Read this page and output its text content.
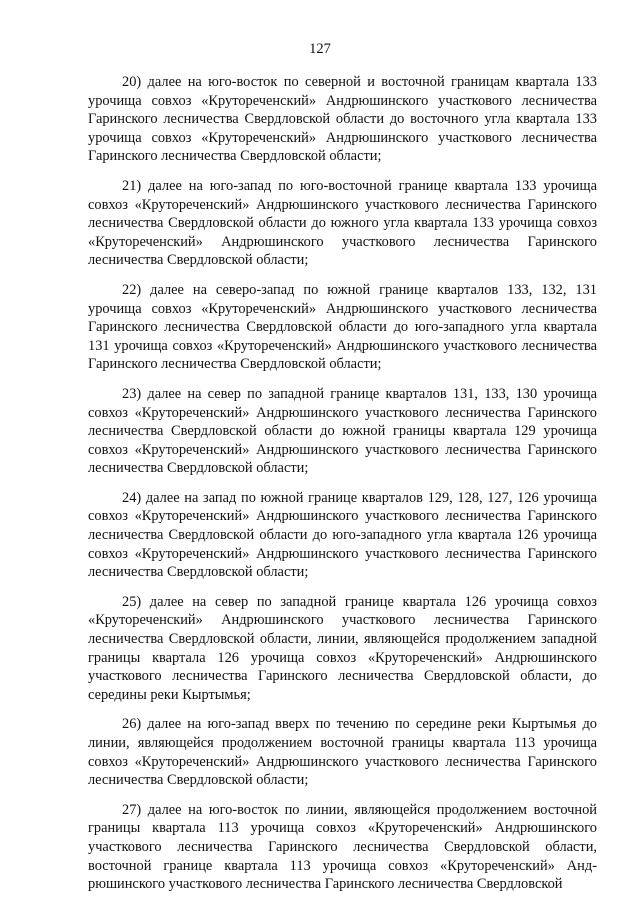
127

20) далее на юго-восток по северной и восточной границам квартала 133 урочища совхоз «Крутореченский» Андрюшинского участкового лесничества Гаринского лесничества Свердловской области до восточного угла квартала 133 урочища совхоз «Крутореченский» Андрюшинского участкового лесничества Гаринского лесничества Свердловской области;

21) далее на юго-запад по юго-восточной границе квартала 133 урочища совхоз «Крутореченский» Андрюшинского участкового лесничества Гаринского лесничества Свердловской области до южного угла квартала 133 урочища совхоз «Крутореченский» Андрюшинского участкового лесничества Гаринского лесничества Свердловской области;

22) далее на северо-запад по южной границе кварталов 133, 132, 131 урочища совхоз «Крутореченский» Андрюшинского участкового лесничества Гаринского лесничества Свердловской области до юго-западного угла квартала 131 урочища совхоз «Крутореченский» Андрюшинского участкового лесничества Гаринского лесничества Свердловской области;

23) далее на север по западной границе кварталов 131, 133, 130 урочища совхоз «Крутореченский» Андрюшинского участкового лесничества Гаринского лесничества Свердловской области до южной границы квартала 129 урочища совхоз «Крутореченский» Андрюшинского участкового лесничества Гаринского лесничества Свердловской области;

24) далее на запад по южной границе кварталов 129, 128, 127, 126 урочища совхоз «Крутореченский» Андрюшинского участкового лесничества Гаринского лесничества Свердловской области до юго-западного угла квартала 126 урочища совхоз «Крутореченский» Андрюшинского участкового лесничества Гаринского лесничества Свердловской области;

25) далее на север по западной границе квартала 126 урочища совхоз «Крутореченский» Андрюшинского участкового лесничества Гаринского лесничества Свердловской области, линии, являющейся продолжением западной границы квартала 126 урочища совхоз «Крутореченский» Андрюшинского участкового лесничества Гаринского лесничества Свердловской области, до середины реки Кыртымья;

26) далее на юго-запад вверх по течению по середине реки Кыртымья до линии, являющейся продолжением восточной границы квартала 113 урочища совхоз «Крутореченский» Андрюшинского участкового лесничества Гаринского лесничества Свердловской области;

27) далее на юго-восток по линии, являющейся продолжением восточной границы квартала 113 урочища совхоз «Крутореченский» Андрюшинского участкового лесничества Гаринского лесничества Свердловской области, восточной границе квартала 113 урочища совхоз «Крутореченский» Андрюшинского участкового лесничества Гаринского лесничества Свердловской
